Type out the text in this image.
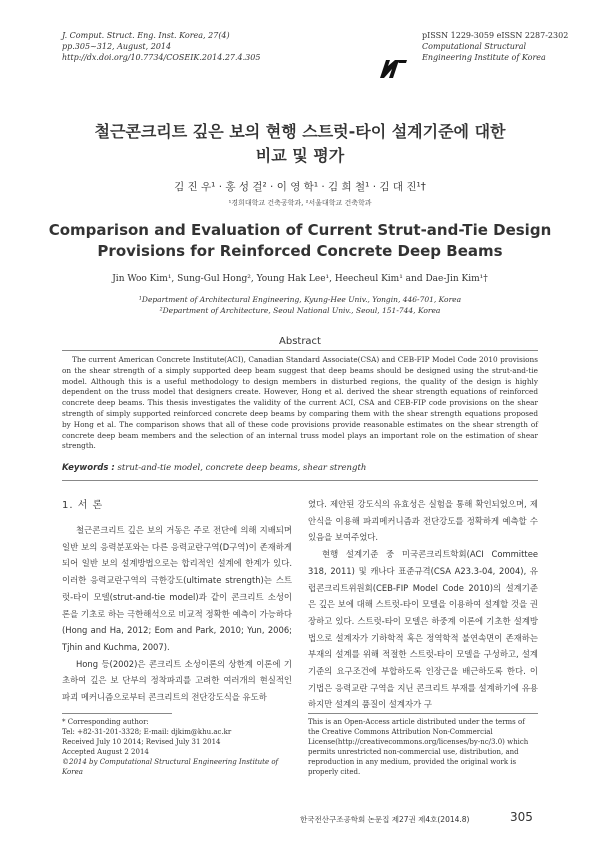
J. Comput. Struct. Eng. Inst. Korea, 27(4)
pp.305~312, August, 2014
http://dx.doi.org/10.7734/COSEIK.2014.27.4.305
pISSN 1229-3059 eISSN 2287-2302
Computational Structural
Engineering Institute of Korea
철근콘크리트 깊은 보의 현행 스트럿-타이 설계기준에 대한
비교 및 평가
김 진 우¹ · 홍 성 걸² · 이 영 학¹ · 김 희 철¹ · 김 대 진¹†
¹경희대학교 건축공학과, ²서울대학교 건축학과
Comparison and Evaluation of Current Strut-and-Tie Design
Provisions for Reinforced Concrete Deep Beams
Jin Woo Kim¹, Sung-Gul Hong², Young Hak Lee¹, Heecheul Kim¹ and Dae-Jin Kim¹†
¹Department of Architectural Engineering, Kyung-Hee Univ., Yongin, 446-701, Korea
²Department of Architecture, Seoul National Univ., Seoul, 151-744, Korea
Abstract
The current American Concrete Institute(ACI), Canadian Standard Associate(CSA) and CEB-FIP Model Code 2010 provisions on the shear strength of a simply supported deep beam suggest that deep beams should be designed using the strut-and-tie model. Although this is a useful methodology to design members in disturbed regions, the quality of the design is highly dependent on the truss model that designers create. However, Hong et al. derived the shear strength equations of reinforced concrete deep beams. This thesis investigates the validity of the current ACI, CSA and CEB-FIP code provisions on the shear strength of simply supported reinforced concrete deep beams by comparing them with the shear strength equations proposed by Hong et al. The comparison shows that all of these code provisions provide reasonable estimates on the shear strength of concrete deep beam members and the selection of an internal truss model plays an important role on the estimation of shear strength.
Keywords : strut-and-tie model, concrete deep beams, shear strength
1. 서 론

철근콘크리트 깊은 보의 거동은 주로 전단에 의해 지배되며 일반 보의 응력분포와는 다른 응력교란구역(D구역)이 존재하게 되어 일반 보의 설계방법으로는 합리적인 설계에 한계가 있다. 이러한 응력교란구역의 극한강도(ultimate strength)는 스트럿-타이 모델(strut-and-tie model)과 같이 콘크리트 소성이론을 기초로 하는 극한해석으로 비교적 정확한 예측이 가능하다(Hong and Ha, 2012; Eom and Park, 2010; Yun, 2006; Tjhin and Kuchma, 2007).

Hong 등(2002)은 콘크리트 소성이론의 상한계 이론에 기초하여 깊은 보 단부의 정착파괴를 고려한 여러개의 현실적인 파괴 메커니즘으로부터 콘크리트의 전단강도식을 유도하

였다. 제안된 강도식의 유효성은 실험을 통해 확인되었으며, 제안식을 이용해 파괴메커니즘과 전단강도를 정확하게 예측할 수 있음을 보여주었다.

현행 설계기준 중 미국콘크리트학회(ACI Committee 318, 2011) 및 캐나다 표준규격(CSA A23.3-04, 2004), 유럽콘크리트위원회(CEB-FIP Model Code 2010)의 설계기준은 깊은 보에 대해 스트럿-타이 모델을 이용하여 설계할 것을 권장하고 있다. 스트럿-타이 모델은 하중계 이론에 기초한 설계방법으로 설계자가 기하학적 혹은 정역학적 불연속면이 존재하는 부재의 설계를 위해 적절한 스트럿-타이 모델을 구성하고, 설계기준의 요구조건에 부합하도록 인장근을 배근하도록 한다. 이 기법은 응력교란 구역을 지닌 콘크리트 부재를 설계하기에 유용하지만 설계의 품질이 설계자가 구

* Corresponding author:
Tel: +82-31-201-3328; E-mail: djkim@khu.ac.kr
Received July 10 2014; Revised July 31 2014
Accepted August 2 2014
©2014 by Computational Structural Engineering Institute of Korea
This is an Open-Access article distributed under the terms of the Creative Commons Attribution Non-Commercial License(http://creativecommons.org/licenses/by-nc/3.0) which permits unrestricted non-commercial use, distribution, and reproduction in any medium, provided the original work is properly cited.
한국전산구조공학회 논문집 제27권 제4호(2014.8)	305
